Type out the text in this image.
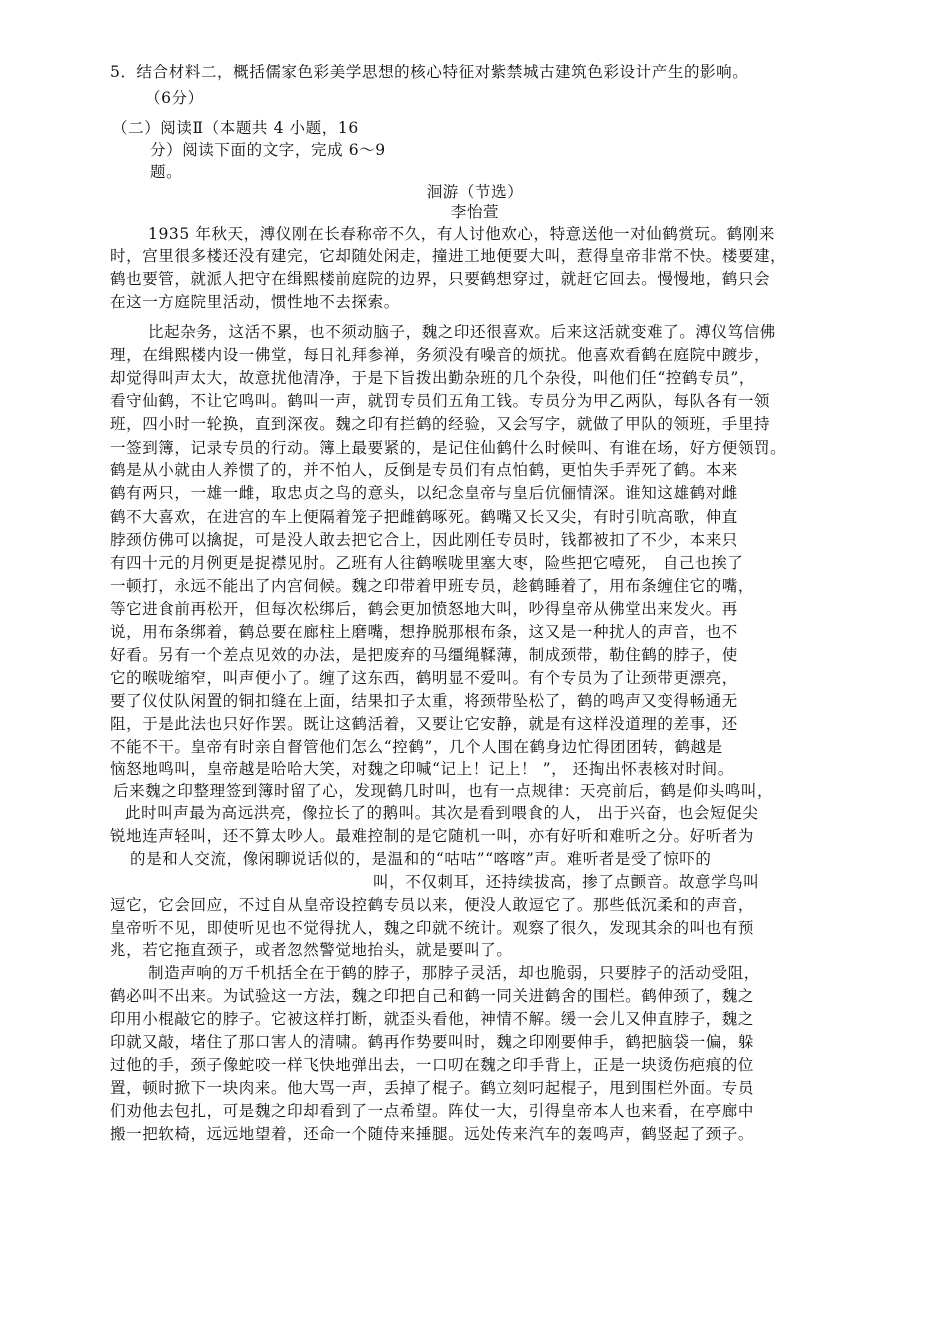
5．结合材料二，概括儒家色彩美学思想的核心特征对紫禁城古建筑色彩设计产生的影响。
（6分）
（二）阅读Ⅱ（本题共 4 小题，16
分）阅读下面的文字，完成 6～9
题。
洄游（节选）
李怡萱
1935 年秋天，溥仪刚在长春称帝不久，有人讨他欢心，特意送他一对仙鹤赏玩。鹤刚来
时，宫里很多楼还没有建完，它却随处闲走，撞进工地便要大叫，惹得皇帝非常不快。楼要建，
鹤也要管，就派人把守在缉熙楼前庭院的边界，只要鹤想穿过，就赶它回去。慢慢地，鹤只会
在这一方庭院里活动，惯性地不去探索。
比起杂务，这活不累，也不须动脑子，魏之印还很喜欢。后来这活就变难了。溥仪笃信佛
理，在缉熙楼内设一佛堂，每日礼拜参禅，务须没有噪音的烦扰。他喜欢看鹤在庭院中踱步，
却觉得叫声太大，故意扰他清净，于是下旨拨出勤杂班的几个杂役，叫他们任“控鹤专员”，
看守仙鹤，不让它鸣叫。鹤叫一声，就罚专员们五角工钱。专员分为甲乙两队，每队各有一领
班，四小时一轮换，直到深夜。魏之印有拦鹤的经验，又会写字，就做了甲队的领班，手里持
一签到簿，记录专员的行动。簿上最要紧的，是记住仙鹤什么时候叫、有谁在场，好方便领罚。
鹤是从小就由人养惯了的，并不怕人，反倒是专员们有点怕鹤，更怕失手弄死了鹤。本来
鹤有两只，一雄一雌，取忠贞之鸟的意头，以纪念皇帝与皇后伉俪情深。谁知这雄鹤对雌
鹤不大喜欢，在进宫的车上便隔着笼子把雌鹤啄死。鹤嘴又长又尖，有时引吭高歌，伸直
脖颈仿佛可以擒捉，可是没人敢去把它合上，因此刚任专员时，钱都被扣了不少，本来只
有四十元的月例更是捉襟见肘。乙班有人往鹤喉咙里塞大枣，险些把它噎死， 自己也挨了
一顿打，永远不能出了内宫伺候。魏之印带着甲班专员，趁鹤睡着了，用布条缠住它的嘴，
等它进食前再松开，但每次松绑后，鹤会更加愤怒地大叫，吵得皇帝从佛堂出来发火。再
说，用布条绑着，鹤总要在廊柱上磨嘴，想挣脱那根布条，这又是一种扰人的声音，也不
好看。另有一个差点见效的办法，是把废弃的马缰绳鞣薄，制成颈带，勒住鹤的脖子，使
它的喉咙缩窄，叫声便小了。缠了这东西，鹤明显不爱叫。有个专员为了让颈带更漂亮，
要了仪仗队闲置的铜扣缝在上面，结果扣子太重，将颈带坠松了，鹤的鸣声又变得畅通无
阻，于是此法也只好作罢。既让这鹤活着，又要让它安静，就是有这样没道理的差事，还
不能不干。皇帝有时亲自督管他们怎么“控鹤”，几个人围在鹤身边忙得团团转，鹤越是
恼怒地鸣叫，皇帝越是哈哈大笑，对魏之印喊“记上！记上！ ”， 还掏出怀表核对时间。
后来魏之印整理签到簿时留了心，发现鹤几时叫，也有一点规律：天亮前后，鹤是仰头鸣叫，
此时叫声最为高远洪亮，像拉长了的鹅叫。其次是看到喂食的人， 出于兴奋，也会短促尖
锐地连声轻叫，还不算太吵人。最难控制的是它随机一叫，亦有好听和难听之分。好听者为
的是和人交流，像闲聊说话似的，是温和的“咕咕”“喀喀”声。难听者是受了惊吓的
叫，不仅刺耳，还持续拔高，掺了点颤音。故意学鸟叫
逗它，它会回应，不过自从皇帝设控鹤专员以来，便没人敢逗它了。那些低沉柔和的声音，
皇帝听不见，即使听见也不觉得扰人，魏之印就不统计。观察了很久，发现其余的叫也有预
兆，若它拖直颈子，或者忽然警觉地抬头，就是要叫了。
制造声响的万千机括全在于鹤的脖子，那脖子灵活，却也脆弱，只要脖子的活动受阻，
鹤必叫不出来。为试验这一方法，魏之印把自己和鹤一同关进鹤舍的围栏。鹤伸颈了，魏之
印用小棍敲它的脖子。它被这样打断，就歪头看他，神情不解。缓一会儿又伸直脖子，魏之
印就又敲，堵住了那口害人的清啸。鹤再作势要叫时，魏之印刚要伸手，鹤把脑袋一偏，躲
过他的手，颈子像蛇咬一样飞快地弹出去，一口叨在魏之印手背上，正是一块烫伤疤痕的位
置，顿时掀下一块肉来。他大骂一声，丢掉了棍子。鹤立刻叼起棍子，甩到围栏外面。专员
们劝他去包扎，可是魏之印却看到了一点希望。阵仗一大，引得皇帝本人也来看，在亭廊中
搬一把软椅，远远地望着，还命一个随侍来捶腿。远处传来汽车的轰鸣声，鹤竖起了颈子。
